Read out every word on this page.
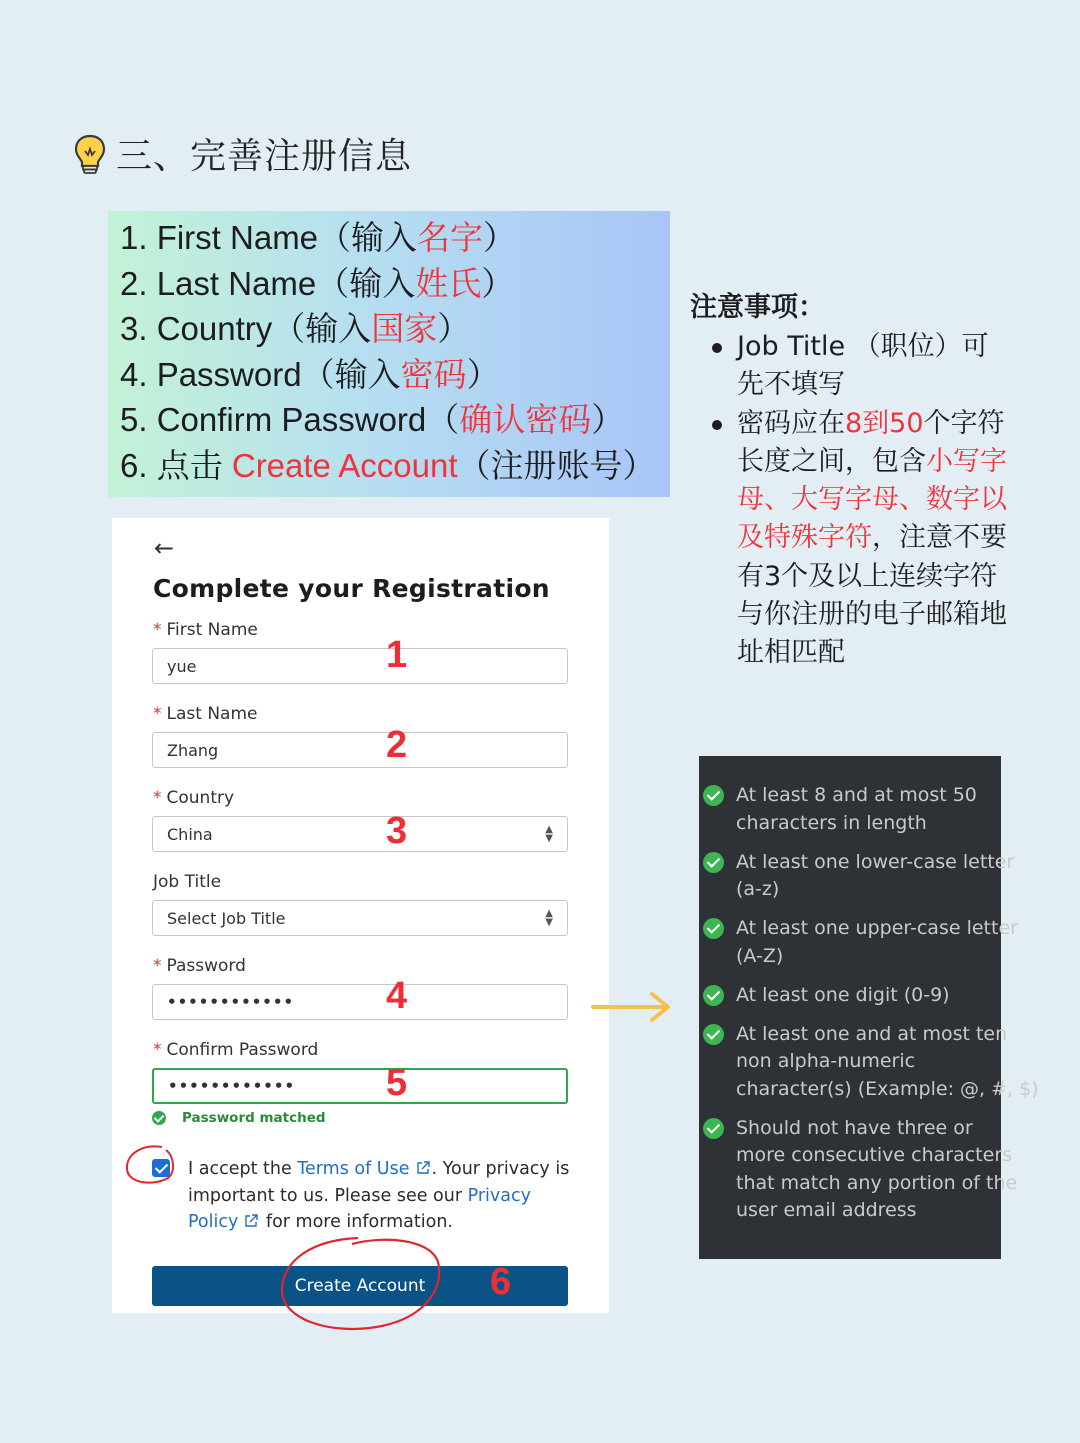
三、完善注册信息
1. First Name（输入名字）
2. Last Name（输入姓氏）
3. Country（输入国家）
4. Password（输入密码）
5. Confirm Password（确认密码）
6. 点击 Create Account（注册账号）
注意事项：
Job Title （职位）可先不填写
密码应在8到50个字符长度之间，包含小写字母、大写字母、数字以及特殊字符，注意不要有3个及以上连续字符与你注册的电子邮箱地址相匹配
←
Complete your Registration
* First Name
yue
* Last Name
Zhang
* Country
China	▲
▼
Job Title
Select Job Title	▲
▼
* Password
••••••••••••
* Confirm Password
••••••••••••
Password matched
I accept the Terms of Use . Your privacy is important to us. Please see our Privacy Policy for more information.
Create Account
1
2
3
4
5
6
At least 8 and at most 50
characters in length
At least one lower-case letter
(a-z)
At least one upper-case letter
(A-Z)
At least one digit (0-9)
At least one and at most ten
non alpha-numeric
character(s) (Example: @, #, $)
Should not have three or
more consecutive characters
that match any portion of the
user email address
